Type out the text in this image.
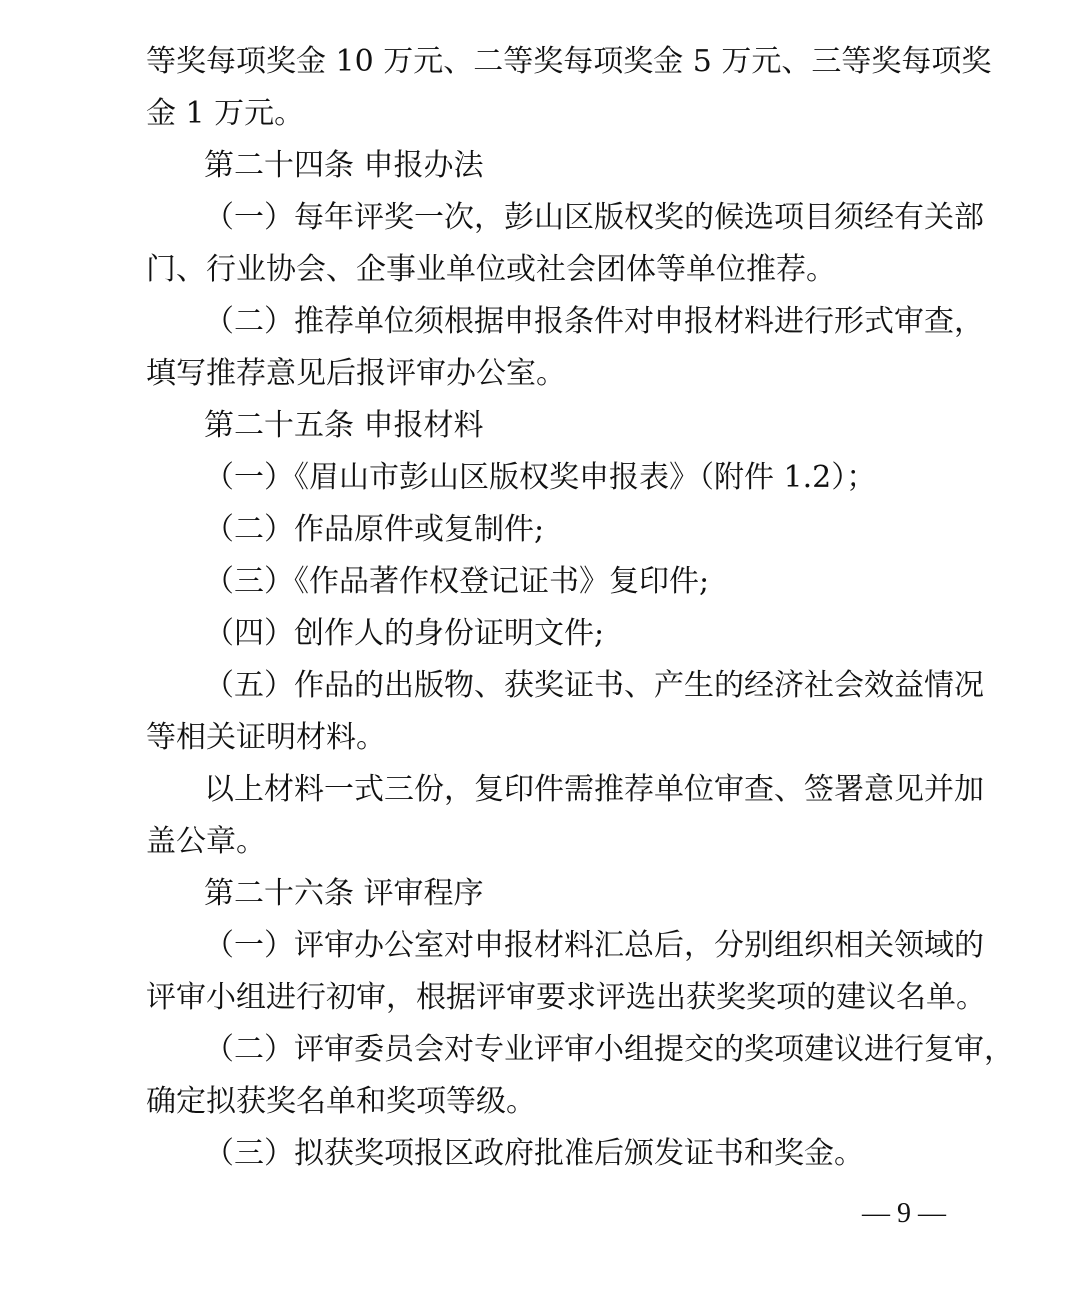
等奖每项奖金 10 万元、二等奖每项奖金 5 万元、三等奖每项奖
金 1 万元。
第二十四条 申报办法
（一）每年评奖一次，彭山区版权奖的候选项目须经有关部
门、行业协会、企事业单位或社会团体等单位推荐。
（二）推荐单位须根据申报条件对申报材料进行形式审查，
填写推荐意见后报评审办公室。
第二十五条 申报材料
（一）《眉山市彭山区版权奖申报表》（附件 1.2）；
（二）作品原件或复制件;
（三）《作品著作权登记证书》复印件;
（四）创作人的身份证明文件;
（五）作品的出版物、获奖证书、产生的经济社会效益情况
等相关证明材料。
以上材料一式三份，复印件需推荐单位审查、签署意见并加
盖公章。
第二十六条 评审程序
（一）评审办公室对申报材料汇总后，分别组织相关领域的
评审小组进行初审，根据评审要求评选出获奖奖项的建议名单。
（二）评审委员会对专业评审小组提交的奖项建议进行复审，
确定拟获奖名单和奖项等级。
（三）拟获奖项报区政府批准后颁发证书和奖金。
— 9 —
